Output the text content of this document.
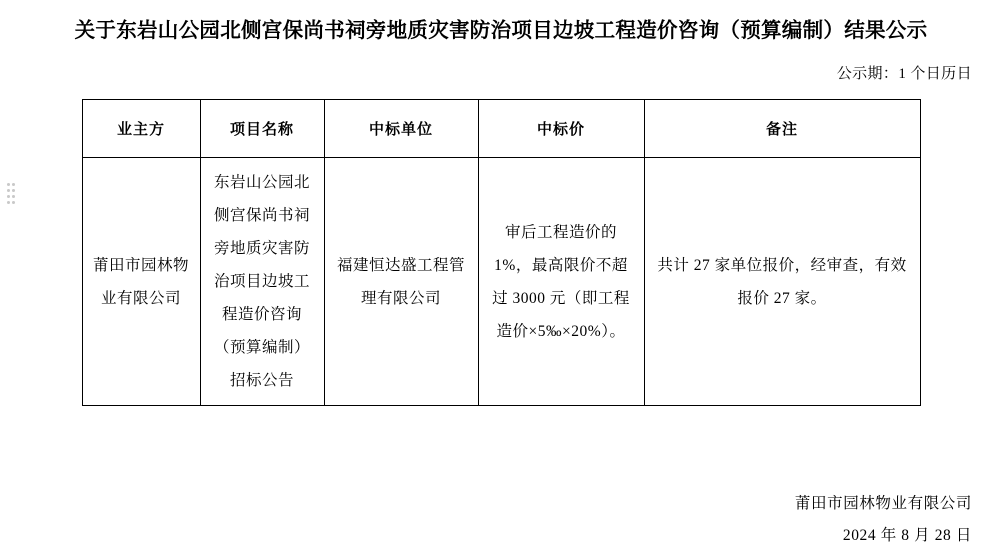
关于东岩山公园北侧宫保尚书祠旁地质灾害防治项目边坡工程造价咨询（预算编制）结果公示
公示期：1 个日历日
业主方	项目名称	中标单位	中标价	备注
莆田市园林物业有限公司	东岩山公园北侧宫保尚书祠旁地质灾害防治项目边坡工程造价咨询（预算编制）招标公告	福建恒达盛工程管理有限公司	审后工程造价的 1%，最高限价不超过 3000 元（即工程造价×5‰×20%）。	共计 27 家单位报价，经审查，有效报价 27 家。
莆田市园林物业有限公司
2024 年 8 月 28 日
